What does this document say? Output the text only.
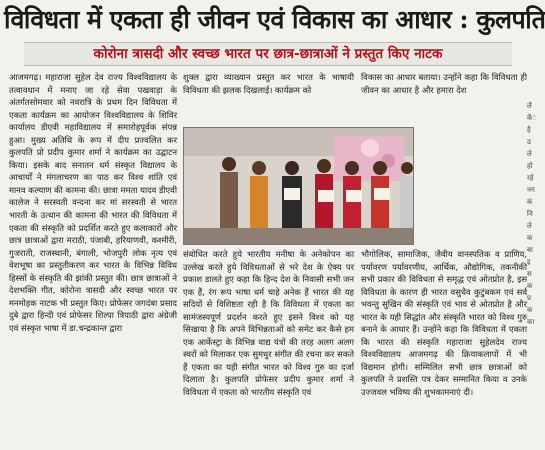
विविधता में एकता ही जीवन एवं विकास का आधार : कुलपति
कोरोना त्रासदी और स्वच्छ भारत पर छात्र-छात्राओं ने प्रस्तुत किए नाटक

आजमगढ़। महाराजा सुहेल देव राज्य विश्वविद्यालय के तत्वावधान में मनाए जा रहे सेवा पखवाड़ा के अंतर्गतसोमवार को नवरात्रि के प्रथम दिन विविधता में एकता कार्यक्रम का आयोजन विश्वविद्यालय के शिविर कार्यालय डीएवी महाविद्यालय में समारोहपूर्वक संपन्न हुआ। मुख्य अतिथि के रूप में दीप प्रज्वलित कर कुलपति प्रो प्रदीप कुमार शर्मा ने कार्यक्रम का उद्घाटन किया। इसके बाद सनातन धर्म संस्कृत विद्यालय के आचार्यों ने मंगलाचरण का पाठ कर विश्व शांति एवं मानव कल्याण की कामना की। छात्रा ममता यादव डीएवी कालेज ने सरस्वती वन्दना कर मां सरस्वती से भारत भारती के उत्थान की कामना की भारत की विविधता में एकता की संस्कृति को प्रदर्शित करते हुए कलाकारों और छात्र छात्राओं द्वारा मराठी, पंजाबी, हरियाणवी, कश्मीरी, गुजराती, राजस्थानी, बंगाली, भोजपुरी लोक नृत्य एवं वेशभूषा का प्रस्तुतीकरण कर भारत के विभिन्न विविध हिस्सों के संस्कृति की झांकी प्रस्तुत की। छात्र छात्राओं ने देशभक्ति गीत, कोरोना त्रासदी और स्वच्छ भारत पर मनमोहक नाटक भी प्रस्तुत किए। प्रोफेसर जगदंबा प्रसाद दुबे द्वारा हिन्दी एवं प्रोफेसर शिल्पा त्रिपाठी द्वारा अंग्रेजी एवं संस्कृत भाषा में डा.चन्द्रकान्त द्वारा

शुक्ल द्वारा व्याख्यान प्रस्तुत कर भारत के भाषायी विविधता की झलक दिखलाई। कार्यक्रम को

विकास का आधार बताया। उन्होंने कहा कि विविधता ही जीवन का आधार है और हमारा देश

संबोधित करते हुये भारतीय मनीषा के अनेकोपन का उल्लेख करते हुये विविधताओं से भरे देश के ऐक्य पर प्रकाश डालते हुए कहा कि हिन्द देश के निवासी सभी जन एक हैं, रंग रूप भाषा धर्म चाहे अनेक हैं भारत की यह सदियों से विशिष्टता रही है कि विविधता में एकता का सामंजस्यपूर्ण प्रदर्शन करते हुए इसने विश्व को यह सिखाया है कि अपने विभिन्नताओं को समेट कर कैसे हम एक आर्केस्ट्रा के विभिन्न वाद्य यंत्रों की तरह अलग अलग स्वरों को मिलाकर एक सुमधुर संगीत की रचना कर सकते हैं एकता का यही संगीत भारत को विश्व गुरु का दर्जा दिलाता है। कुलपति प्रोफेसर प्रदीप कुमार शर्मा ने विविधता में एकता को भारतीय संस्कृति एवं

भौगोलिक, सामाजिक, जैवीय वानस्पतिक व प्राणिय, पर्यावरण पर्यावरणीय, आर्थिक, औद्योगिक, तकनीकी सभी प्रकार की विविधता से समृद्ध एवं ओतप्रोत है, इस विविधता के कारण ही भारत वसुधैव कुटुंबकम एवं सर्व भवन्तु सुखिन की संस्कृति एवं भाव से ओतप्रोत है और भारत के यही सिद्धांत और संस्कृति भारत को विश्व गुरु बनाने के आधार हैं। उन्होंने कहा कि विविधता में एकता कि भारत की संस्कृति महाराजा सुहेलदेव राज्य विश्वविद्यालय आजमगढ़ की क्रियाकलापों में भी विद्यमान होगी। सम्मिलित सभी छात्र छात्राओं को कुलपति ने प्रशस्ति पत्र देकर सम्मानित किया व उनके उज्जवल भविष्य की शुभकामनाएं दी।

लेंं केंंं है उ ले हो रहे नग कं नि ले क बा इस क प्र क का
